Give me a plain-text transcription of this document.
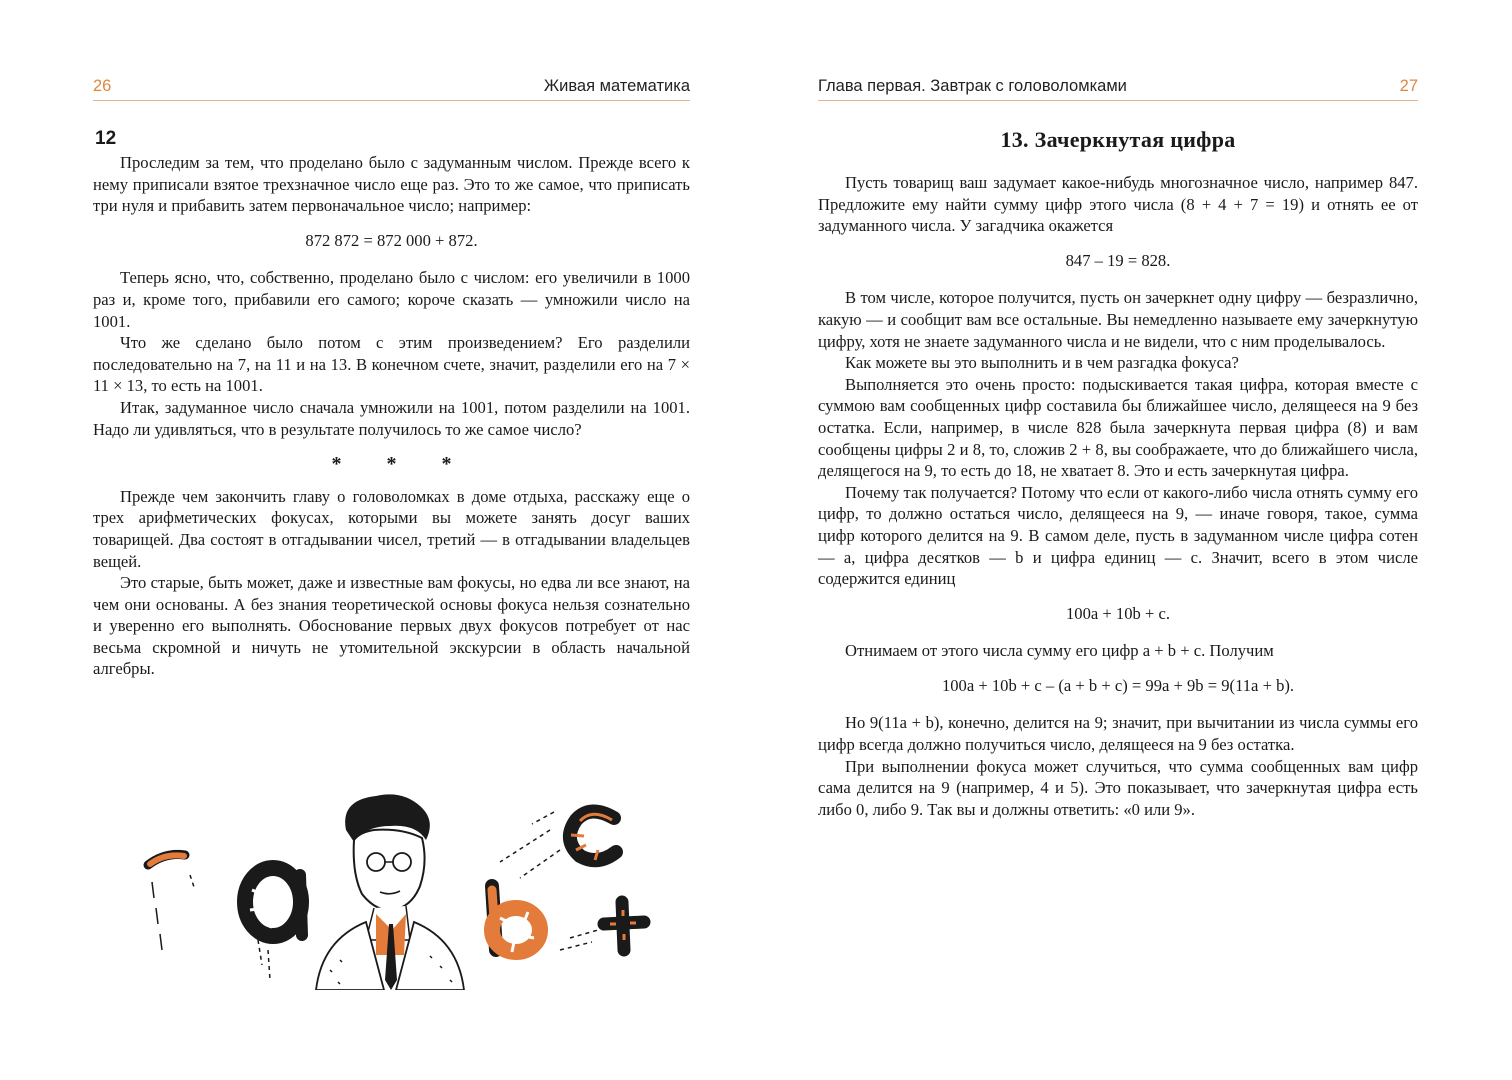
26	Живая математика
12

Проследим за тем, что проделано было с задуманным числом. Прежде всего к нему приписали взятое трехзначное число еще раз. Это то же самое, что приписать три нуля и прибавить затем первоначальное число; например:

872 872 = 872 000 + 872.

Теперь ясно, что, собственно, проделано было с числом: его увеличили в 1000 раз и, кроме того, прибавили его самого; короче сказать — умножили число на 1001.

Что же сделано было потом с этим произведением? Его разделили последовательно на 7, на 11 и на 13. В конечном счете, значит, разделили его на 7 × 11 × 13, то есть на 1001.

Итак, задуманное число сначала умножили на 1001, потом разделили на 1001. Надо ли удивляться, что в результате получилось то же самое число?

* * *

Прежде чем закончить главу о головоломках в доме отдыха, расскажу еще о трех арифметических фокусах, которыми вы можете занять досуг ваших товарищей. Два состоят в отгадывании чисел, третий — в отгадывании владельцев вещей.

Это старые, быть может, даже и известные вам фокусы, но едва ли все знают, на чем они основаны. А без знания теоретической основы фокуса нельзя сознательно и уверенно его выполнять. Обоснование первых двух фокусов потребует от нас весьма скромной и ничуть не утомительной экскурсии в область начальной алгебры.

Глава первая. Завтрак с головоломками	27
13. Зачеркнутая цифра

Пусть товарищ ваш задумает какое-нибудь многозначное число, например 847. Предложите ему найти сумму цифр этого числа (8 + 4 + 7 = 19) и отнять ее от задуманного числа. У загадчика окажется

847 – 19 = 828.

В том числе, которое получится, пусть он зачеркнет одну цифру — безразлично, какую — и сообщит вам все остальные. Вы немедленно называете ему зачеркнутую цифру, хотя не знаете задуманного числа и не видели, что с ним проделывалось.

Как можете вы это выполнить и в чем разгадка фокуса?

Выполняется это очень просто: подыскивается такая цифра, которая вместе с суммою вам сообщенных цифр составила бы ближайшее число, делящееся на 9 без остатка. Если, например, в числе 828 была зачеркнута первая цифра (8) и вам сообщены цифры 2 и 8, то, сложив 2 + 8, вы соображаете, что до ближайшего числа, делящегося на 9, то есть до 18, не хватает 8. Это и есть зачеркнутая цифра.

Почему так получается? Потому что если от какого-либо числа отнять сумму его цифр, то должно остаться число, делящееся на 9, — иначе говоря, такое, сумма цифр которого делится на 9. В самом деле, пусть в задуманном числе цифра сотен — a, цифра десятков — b и цифра единиц — c. Значит, всего в этом числе содержится единиц

100a + 10b + c.

Отнимаем от этого числа сумму его цифр a + b + c. Получим

100a + 10b + c – (a + b + c) = 99a + 9b = 9(11a + b).

Но 9(11a + b), конечно, делится на 9; значит, при вычитании из числа суммы его цифр всегда должно получиться число, делящееся на 9 без остатка.

При выполнении фокуса может случиться, что сумма сообщенных вам цифр сама делится на 9 (например, 4 и 5). Это показывает, что зачеркнутая цифра есть либо 0, либо 9. Так вы и должны ответить: «0 или 9».
